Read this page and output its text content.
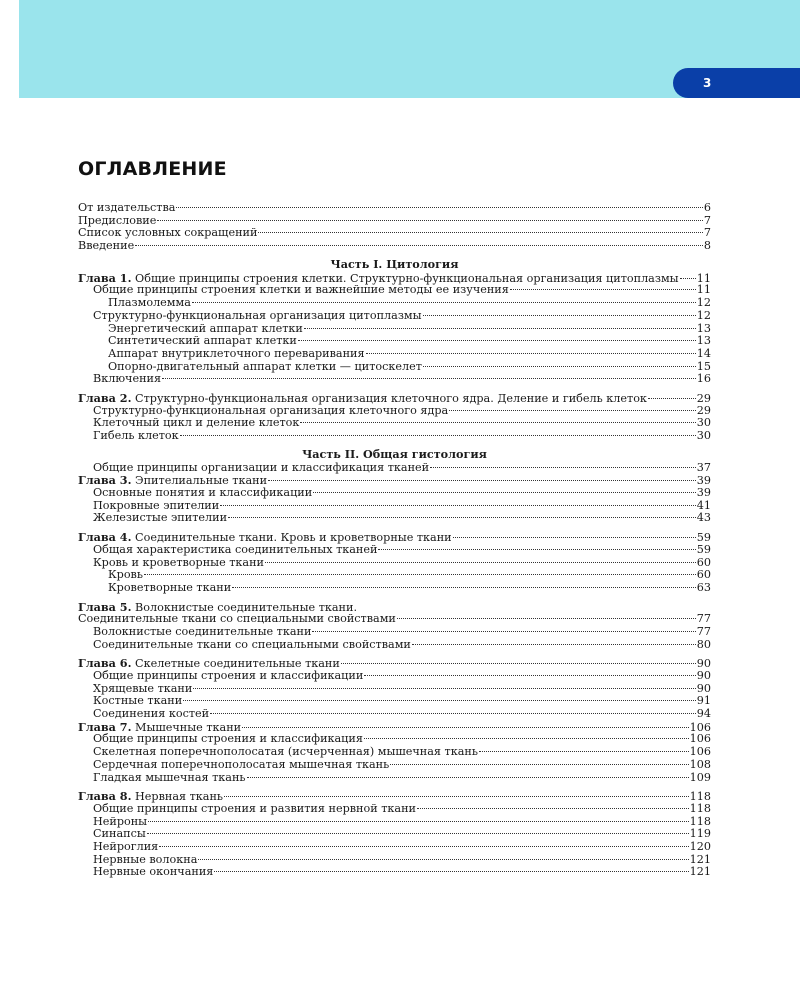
3
ОГЛАВЛЕНИЕ
От издательства	6
Предисловие	7
Список условных сокращений	7
Введение	8
Часть I. Цитология
Глава 1. Общие принципы строения клетки. Структурно-функциональная организация цитоплазмы 11
Общие принципы строения клетки и важнейшие методы ее изучения	11
Плазмолемма	12
Структурно-функциональная организация цитоплазмы	12
Энергетический аппарат клетки	13
Синтетический аппарат клетки	13
Аппарат внутриклеточного переваривания	14
Опорно-двигательный аппарат клетки — цитоскелет	15
Включения	16
Глава 2. Структурно-функциональная организация клеточного ядра. Деление и гибель клеток	29
Структурно-функциональная организация клеточного ядра	29
Клеточный цикл и деление клеток	30
Гибель клеток	30
Часть II. Общая гистология
Общие принципы организации и классификация тканей	37
Глава 3. Эпителиальные ткани	39
Основные понятия и классификации	39
Покровные эпителии	41
Железистые эпителии	43
Глава 4. Соединительные ткани. Кровь и кроветворные ткани	59
Общая характеристика соединительных тканей	59
Кровь и кроветворные ткани	60
Кровь	60
Кроветворные ткани	63
Глава 5. Волокнистые соединительные ткани.
Соединительные ткани со специальными свойствами	77
Волокнистые соединительные ткани	77
Соединительные ткани со специальными свойствами	80
Глава 6. Скелетные соединительные ткани	90
Общие принципы строения и классификации	90
Хрящевые ткани	90
Костные ткани	91
Соединения костей	94
Глава 7. Мышечные ткани	106
Общие принципы строения и классификация	106
Скелетная поперечнополосатая (исчерченная) мышечная ткань	106
Сердечная поперечнополосатая мышечная ткань	108
Гладкая мышечная ткань	109
Глава 8. Нервная ткань	118
Общие принципы строения и развития нервной ткани	118
Нейроны	118
Синапсы	119
Нейроглия	120
Нервные волокна	121
Нервные окончания	121
